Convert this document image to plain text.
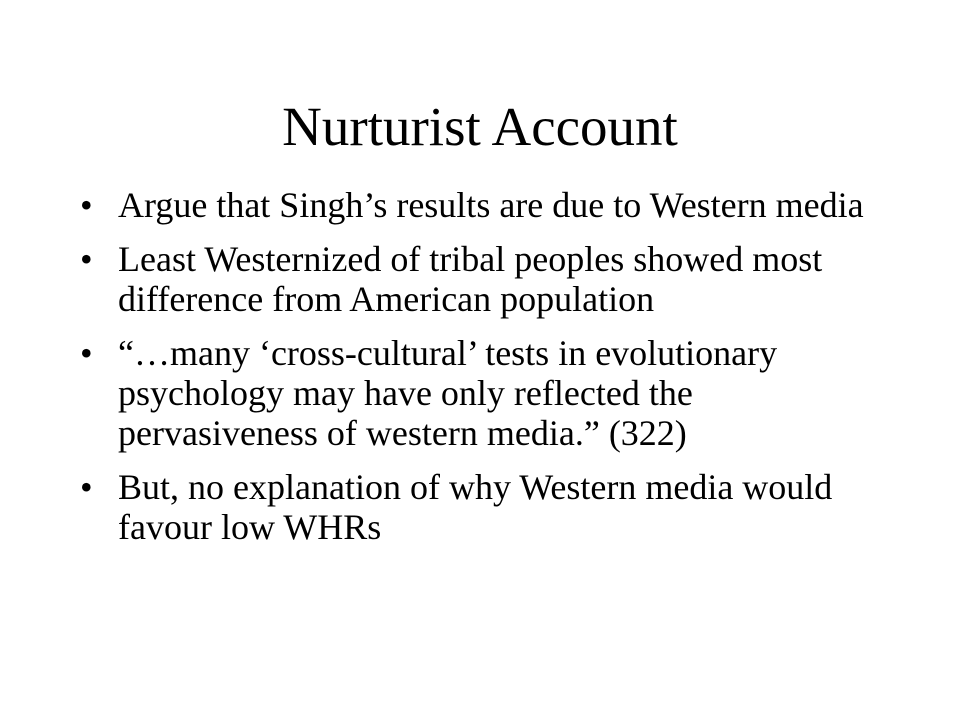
Nurturist Account
• Argue that Singh’s results are due to Western media
• Least Westernized of tribal peoples showed most difference from American population
• “…many ‘cross-cultural’ tests in evolutionary psychology may have only reflected the pervasiveness of western media.” (322)
• But, no explanation of why Western media would favour low WHRs
